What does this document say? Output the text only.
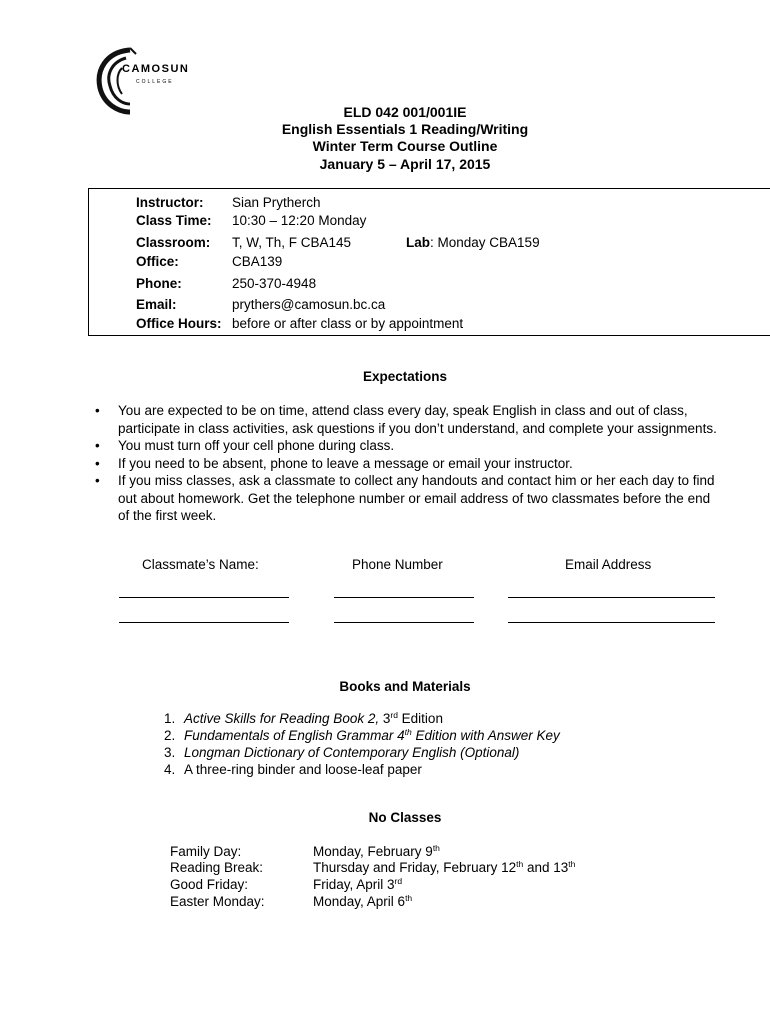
CAMOSUN
COLLEGE
ELD 042 001/001IE
English Essentials 1 Reading/Writing
Winter Term Course Outline
January 5 – April 17, 2015
Instructor: Sian Prytherch
Class Time: 10:30 – 12:20 Monday
Classroom: T, W, Th, F CBA145	Lab: Monday CBA159
Office:	CBA139
Phone:	250-370-4948
Email:	pryth​ers@camosun.bc.ca
Office Hours: before or after class or by appointment
Expectations
• You are expected to be on time, attend class every day, speak English in class and out of class, participate in class activities, ask questions if you don’t understand, and complete your assignments.
• You must turn off your cell phone during class.
• If you need to be absent, phone to leave a message or email your instructor.
• If you miss classes, ask a classmate to collect any handouts and contact him or her each day to find out about homework. Get the telephone number or email address of two classmates before the end of the first week.
Classmate’s Name:	Phone Number	Email Address
Books and Materials
1. Active Skills for Reading Book 2, 3rd Edition
2. Fundamentals of English Grammar 4th Edition with Answer Key
3. Longman Dictionary of Contemporary English (Optional)
4. A three-ring binder and loose-leaf paper
No Classes
Family Day:	Monday, February 9th
Reading Break:	Thursday and Friday, February 12th and 13th
Good Friday:	Friday, April 3rd
Easter Monday:	Monday, April 6th
